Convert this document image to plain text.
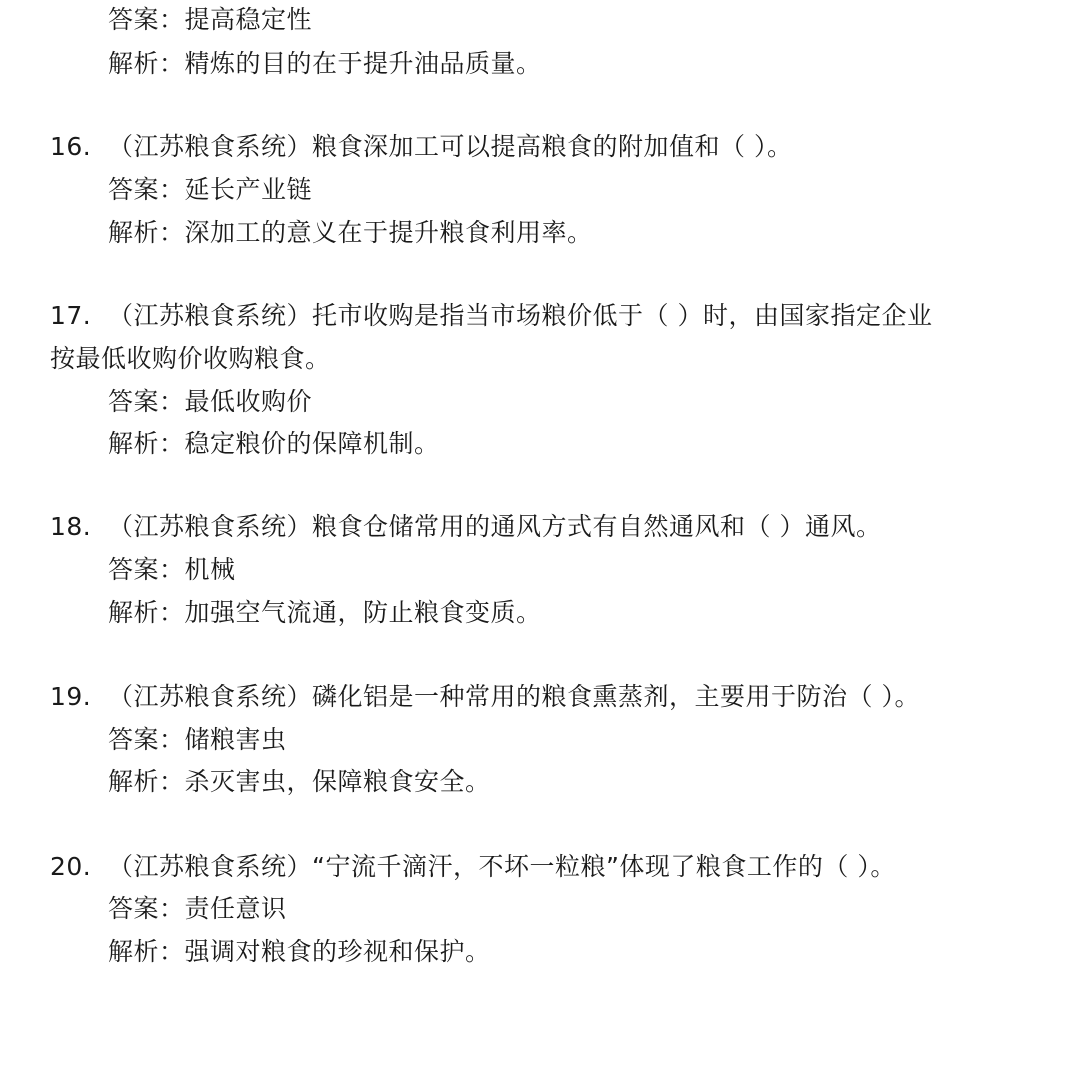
答案：提高稳定性
解析：精炼的目的在于提升油品质量。
16. （江苏粮食系统）粮食深加工可以提高粮食的附加值和（ ）。
答案：延长产业链
解析：深加工的意义在于提升粮食利用率。
17. （江苏粮食系统）托市收购是指当市场粮价低于（ ）时，由国家指定企业
按最低收购价收购粮食。
答案：最低收购价
解析：稳定粮价的保障机制。
18. （江苏粮食系统）粮食仓储常用的通风方式有自然通风和（ ）通风。
答案：机械
解析：加强空气流通，防止粮食变质。
19. （江苏粮食系统）磷化铝是一种常用的粮食熏蒸剂，主要用于防治（ ）。
答案：储粮害虫
解析：杀灭害虫，保障粮食安全。
20. （江苏粮食系统）“宁流千滴汗，不坏一粒粮”体现了粮食工作的（ ）。
答案：责任意识
解析：强调对粮食的珍视和保护。
